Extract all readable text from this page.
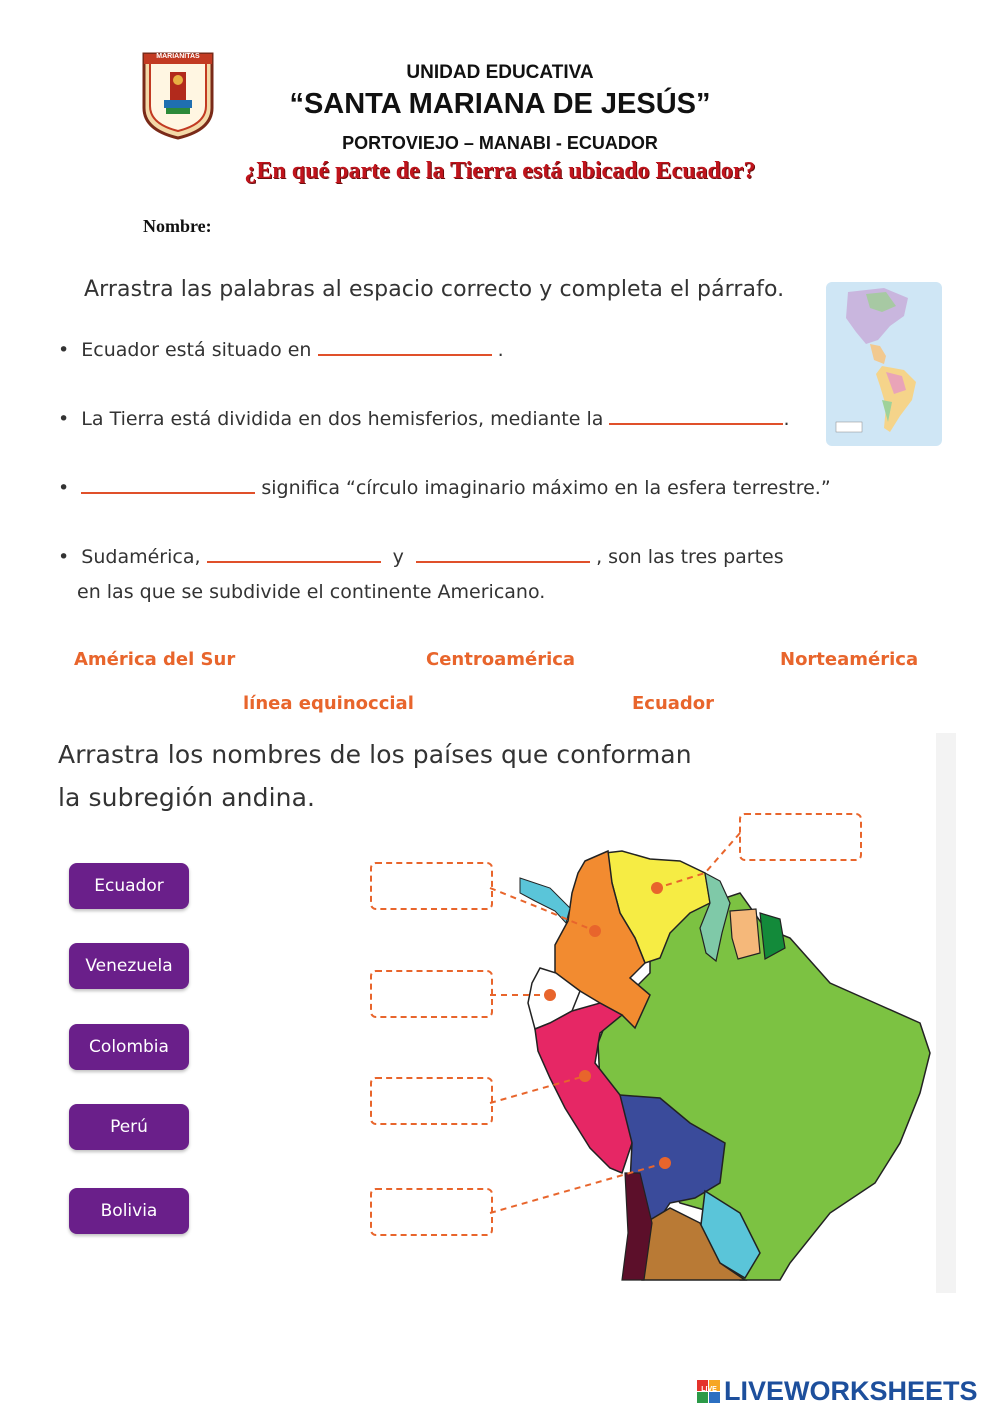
MARIANITAS
UNIDAD EDUCATIVA
“SANTA MARIANA DE JESÚS”
PORTOVIEJO – MANABI - ECUADOR
¿En qué parte de la Tierra está ubicado Ecuador?
Nombre:
Arrastra las palabras al espacio correcto y completa el párrafo.
•  Ecuador está situado en	.
•  La Tierra está dividida en dos hemisferios, mediante la	.
•	significa “círculo imaginario máximo en la esfera terrestre.”
•  Sudamérica,	y	, son las tres partes
en las que se subdivide el continente Americano.
América del Sur	Centroamérica	Norteamérica
línea equinoccial	Ecuador
Arrastra los nombres de los países que conforman
la subregión andina.
Ecuador
Venezuela
Colombia
Perú
Bolivia
LIVE LIVEWORKSHEETS
